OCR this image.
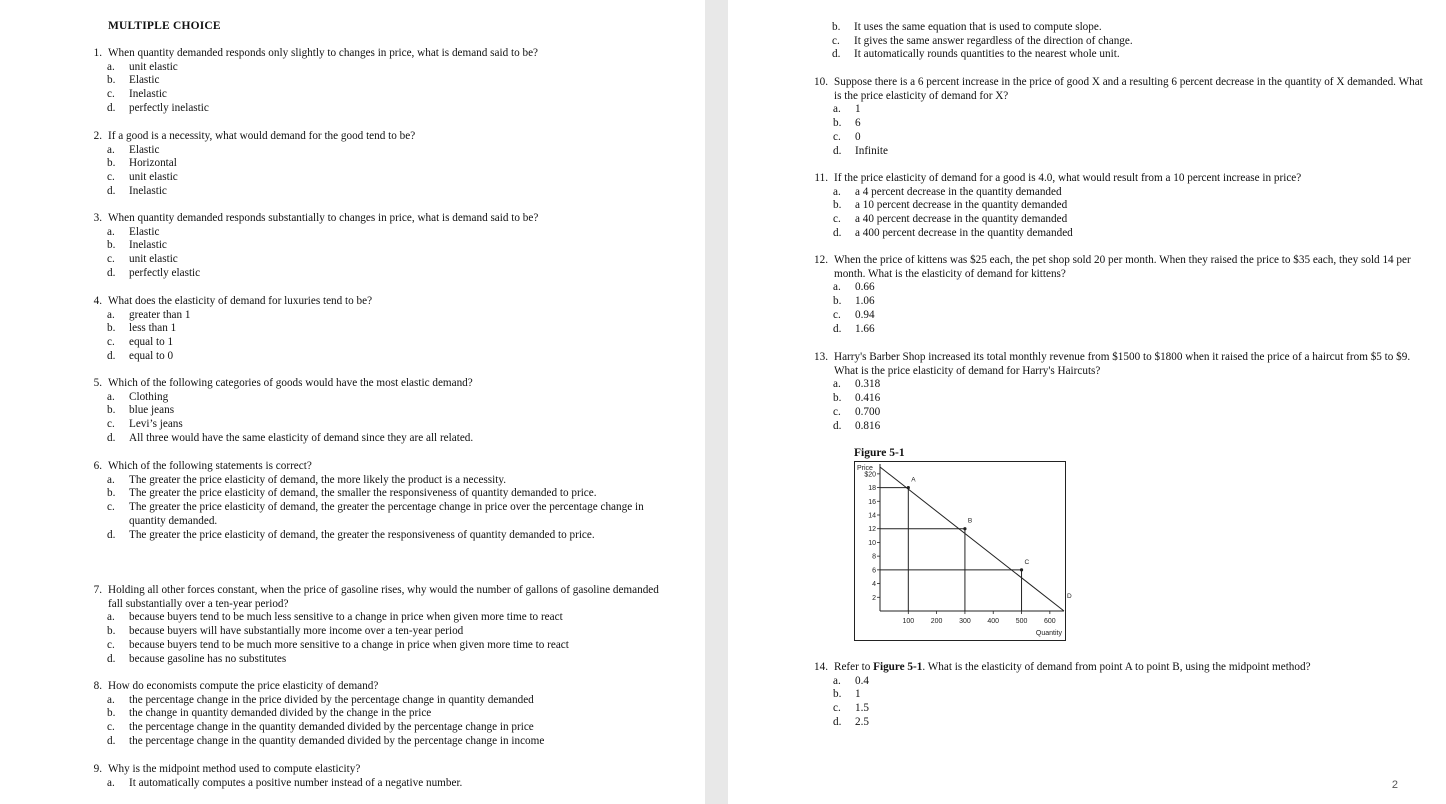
MULTIPLE CHOICE
1. When quantity demanded responds only slightly to changes in price, what is demand said to be?
a.	unit elastic
b.	Elastic
c.	Inelastic
d.	perfectly inelastic
2. If a good is a necessity, what would demand for the good tend to be?
a.	Elastic
b.	Horizontal
c.	unit elastic
d.	Inelastic
3. When quantity demanded responds substantially to changes in price, what is demand said to be?
a.	Elastic
b.	Inelastic
c.	unit elastic
d.	perfectly elastic
4. What does the elasticity of demand for luxuries tend to be?
a.	greater than 1
b.	less than 1
c.	equal to 1
d.	equal to 0
5. Which of the following categories of goods would have the most elastic demand?
a.	Clothing
b.	blue jeans
c.	Levi’s jeans
d.	All three would have the same elasticity of demand since they are all related.
6. Which of the following statements is correct?
a.	The greater the price elasticity of demand, the more likely the product is a necessity.
b.	The greater the price elasticity of demand, the smaller the responsiveness of quantity demanded to price.
c.	The greater the price elasticity of demand, the greater the percentage change in price over the percentage change in quantity demanded.
d.	The greater the price elasticity of demand, the greater the responsiveness of quantity demanded to price.
7. Holding all other forces constant, when the price of gasoline rises, why would the number of gallons of gasoline demanded fall substantially over a ten-year period?
a.	because buyers tend to be much less sensitive to a change in price when given more time to react
b.	because buyers will have substantially more income over a ten-year period
c.	because buyers tend to be much more sensitive to a change in price when given more time to react
d.	because gasoline has no substitutes
8. How do economists compute the price elasticity of demand?
a.	the percentage change in the price divided by the percentage change in quantity demanded
b.	the change in quantity demanded divided by the change in the price
c.	the percentage change in the quantity demanded divided by the percentage change in price
d.	the percentage change in the quantity demanded divided by the percentage change in income
9. Why is the midpoint method used to compute elasticity?
a.	It automatically computes a positive number instead of a negative number.
b.	It uses the same equation that is used to compute slope.
c.	It gives the same answer regardless of the direction of change.
d.	It automatically rounds quantities to the nearest whole unit.
10. Suppose there is a 6 percent increase in the price of good X and a resulting 6 percent decrease in the quantity of X demanded. What is the price elasticity of demand for X?
a.	1
b.	6
c.	0
d.	Infinite
11. If the price elasticity of demand for a good is 4.0, what would result from a 10 percent increase in price?
a.	a 4 percent decrease in the quantity demanded
b.	a 10 percent decrease in the quantity demanded
c.	a 40 percent decrease in the quantity demanded
d.	a 400 percent decrease in the quantity demanded
12. When the price of kittens was $25 each, the pet shop sold 20 per month. When they raised the price to $35 each, they sold 14 per month. What is the elasticity of demand for kittens?
a.	0.66
b.	1.06
c.	0.94
d.	1.66
13. Harry's Barber Shop increased its total monthly revenue from $1500 to $1800 when it raised the price of a haircut from $5 to $9. What is the price elasticity of demand for Harry's Haircuts?
a.	0.318
b.	0.416
c.	0.700
d.	0.816
14. Refer to Figure 5-1. What is the elasticity of demand from point A to point B, using the midpoint method?
a.	0.4
b.	1
c.	1.5
d.	2.5
Figure 5-1
Price
$20
18
16
14
12
10
8
6
4
2
100 200 300 400 500 600
Quantity
A
B
C
D
2
